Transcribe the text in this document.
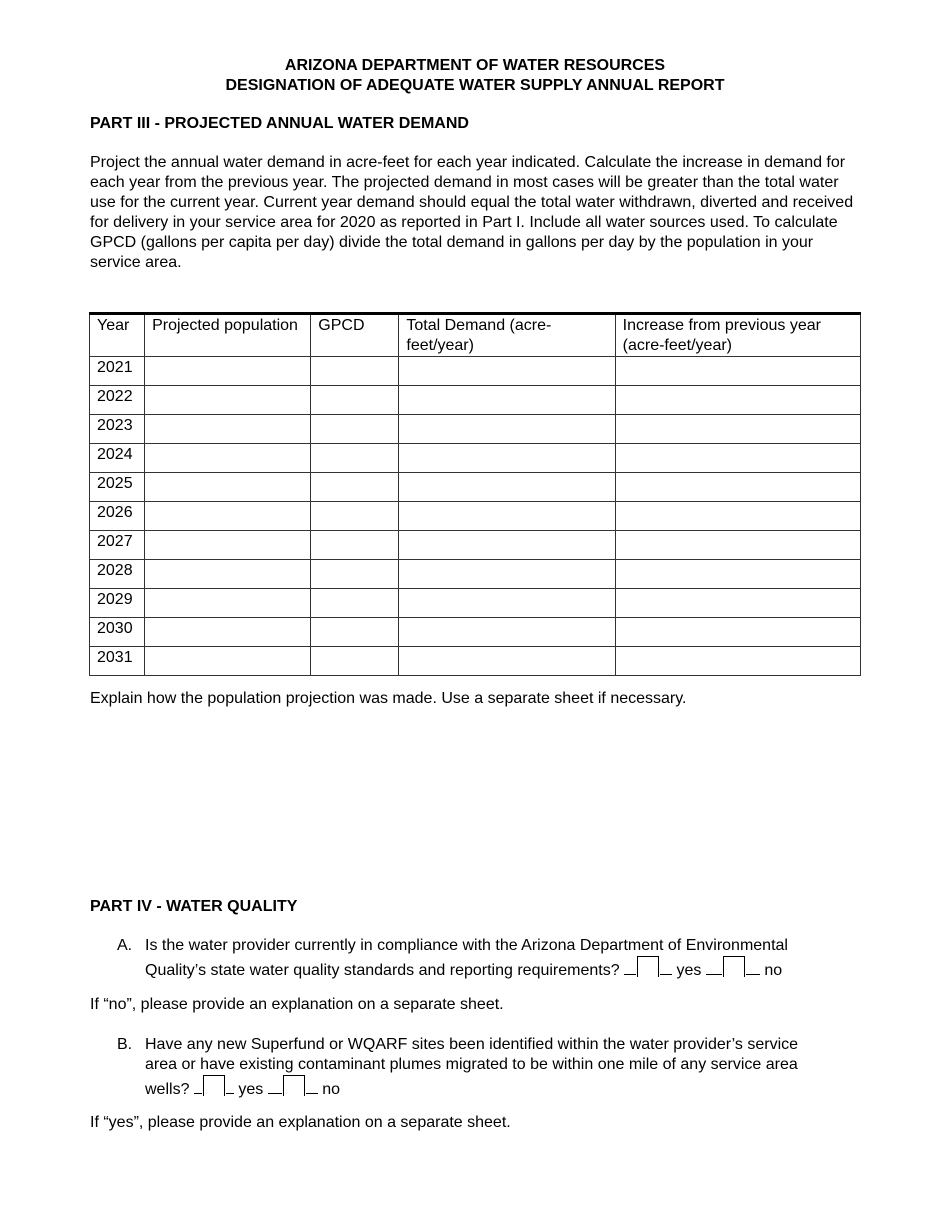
ARIZONA DEPARTMENT OF WATER RESOURCES
DESIGNATION OF ADEQUATE WATER SUPPLY ANNUAL REPORT
PART III - PROJECTED ANNUAL WATER DEMAND
Project the annual water demand in acre-feet for each year indicated. Calculate the increase in demand for each year from the previous year. The projected demand in most cases will be greater than the total water use for the current year. Current year demand should equal the total water withdrawn, diverted and received for delivery in your service area for 2020 as reported in Part I. Include all water sources used. To calculate GPCD (gallons per capita per day) divide the total demand in gallons per day by the population in your service area.
Year	Projected population	GPCD	Total Demand (acre-feet/year)	Increase from previous year (acre-feet/year)
2021				
2022				
2023				
2024				
2025				
2026				
2027				
2028				
2029				
2030				
2031				
Explain how the population projection was made. Use a separate sheet if necessary.
PART IV - WATER QUALITY
A. Is the water provider currently in compliance with the Arizona Department of Environmental
Quality’s state water quality standards and reporting requirements?	yes	no
If “no”, please provide an explanation on a separate sheet.
B. Have any new Superfund or WQARF sites been identified within the water provider’s service
area or have existing contaminant plumes migrated to be within one mile of any service area
wells?	yes	no
If “yes”, please provide an explanation on a separate sheet.
